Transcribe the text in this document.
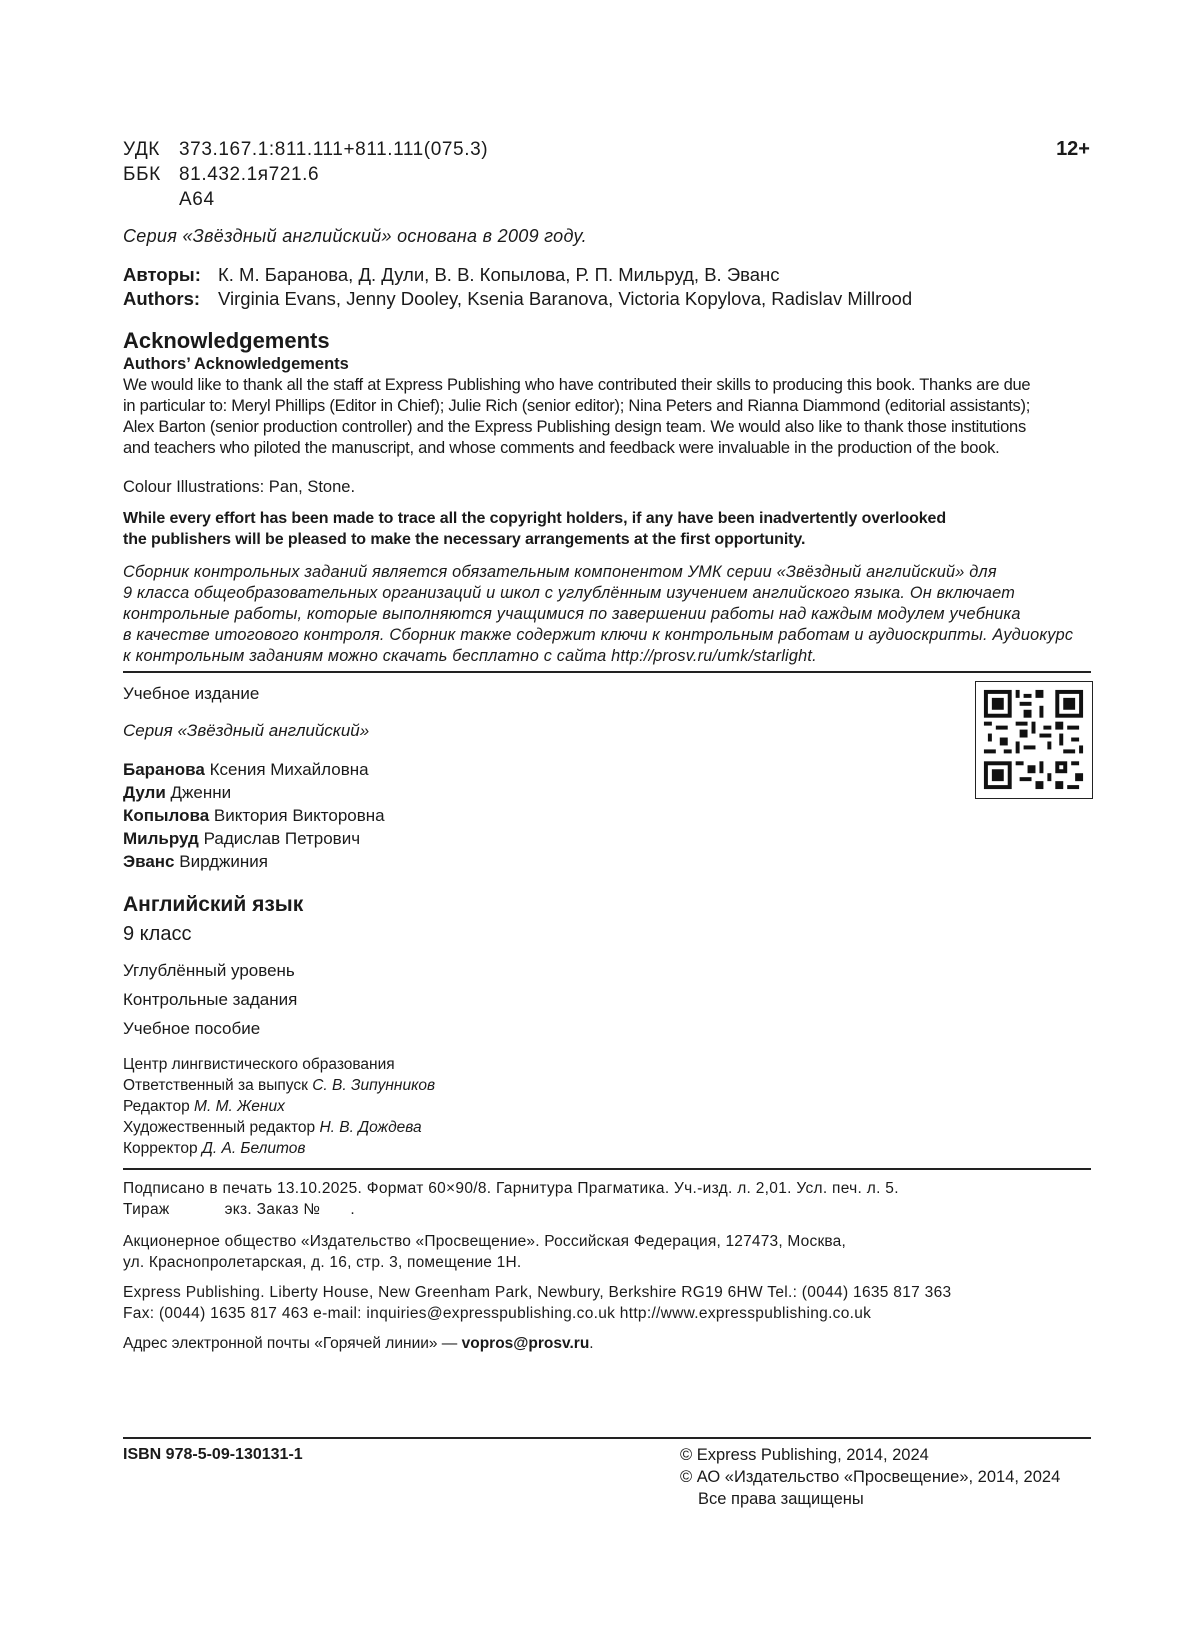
УДК	373.167.1:811.111+811.111(075.3)
ББК 81.432.1я721.6
А64
12+
Серия «Звёздный английский» основана в 2009 году.
Авторы: К. М. Баранова, Д. Дули, В. В. Копылова, Р. П. Мильруд, В. Эванс
Authors: Virginia Evans, Jenny Dooley, Ksenia Baranova, Victoria Kopylova, Radislav Millrood
Acknowledgements
Authors’ Acknowledgements
We would like to thank all the staff at Express Publishing who have contributed their skills to producing this book. Thanks are due
in particular to: Meryl Phillips (Editor in Chief); Julie Rich (senior editor); Nina Peters and Rianna Diammond (editorial assistants);
Alex Barton (senior production controller) and the Express Publishing design team. We would also like to thank those institutions
and teachers who piloted the manuscript, and whose comments and feedback were invaluable in the production of the book.
Colour Illustrations: Pan, Stone.
While every effort has been made to trace all the copyright holders, if any have been inadvertently overlooked
the publishers will be pleased to make the necessary arrangements at the first opportunity.
Сборник контрольных заданий является обязательным компонентом УМК серии «Звёздный английский» для
9 класса общеобразовательных организаций и школ с углублённым изучением английского языка. Он включает
контрольные работы, которые выполняются учащимися по завершении работы над каждым модулем учебника
в качестве итогового контроля. Сборник также содержит ключи к контрольным работам и аудиоскрипты. Аудиокурс
к контрольным заданиям можно скачать бесплатно с сайта http://prosv.ru/umk/starlight.
Учебное издание
Серия «Звёздный английский»
Баранова Ксения Михайловна
Дули Дженни
Копылова Виктория Викторовна
Мильруд Радислав Петрович
Эванс Вирджиния
Английский язык
9 класс
Углублённый уровень
Контрольные задания
Учебное пособие
Центр лингвистического образования
Ответственный за выпуск С. В. Зипунников
Редактор М. М. Жених
Художественный редактор Н. В. Дождева
Корректор Д. А. Белитов
Подписано в печать 13.10.2025. Формат 60×90/8. Гарнитура Прагматика. Уч.-изд. л. 2,01. Усл. печ. л. 5.
Тираж	экз. Заказ № .
Акционерное общество «Издательство «Просвещение». Российская Федерация, 127473, Москва,
ул. Краснопролетарская, д. 16, стр. 3, помещение 1Н.
Express Publishing. Liberty House, New Greenham Park, Newbury, Berkshire RG19 6HW Tel.: (0044) 1635 817 363
Fax: (0044) 1635 817 463 e-mail: inquiries@expresspublishing.co.uk http://www.expresspublishing.co.uk
Адрес электронной почты «Горячей линии» — vopros@prosv.ru.
ISBN 978-5-09-130131-1	© Express Publishing, 2014, 2024
© АО «Издательство «Просвещение», 2014, 2024
Все права защищены
